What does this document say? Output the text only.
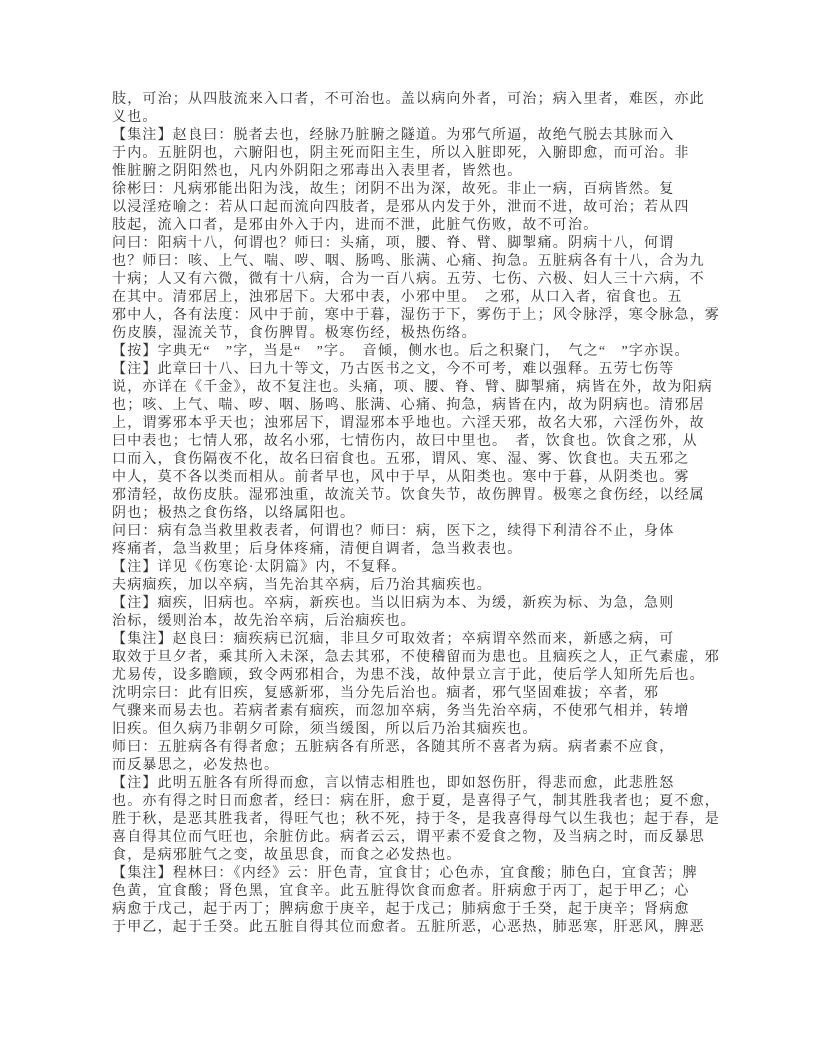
肢，可治；从四肢流来入口者，不可治也。盖以病向外者，可治；病入里者，难医，亦此
义也。
【集注】赵良曰：脱者去也，经脉乃脏腑之隧道。为邪气所逼，故绝气脱去其脉而入
于内。五脏阴也，六腑阳也，阴主死而阳主生，所以入脏即死，入腑即愈，而可治。非
惟脏腑之阴阳然也，凡内外阴阳之邪毒出入表里者，皆然也。
徐彬曰：凡病邪能出阳为浅，故生；闭阴不出为深，故死。非止一病，百病皆然。复
以浸淫疮喻之：若从口起而流向四肢者，是邪从内发于外，泄而不进，故可治；若从四
肢起，流入口者，是邪由外入于内，进而不泄，此脏气伤败，故不可治。
问曰：阳病十八，何谓也？师曰：头痛，项，腰、脊、臂、脚掣痛。阴病十八，何谓
也？师曰：咳、上气、喘、哕、咽、肠鸣、胀满、心痛、拘急。五脏病各有十八，合为九
十病；人又有六微，微有十八病，合为一百八病。五劳、七伤、六极、妇人三十六病，不
在其中。清邪居上，浊邪居下。大邪中表，小邪中里。　之邪，从口入者，宿食也。五
邪中人，各有法度：风中于前，寒中于暮，湿伤于下，雾伤于上；风令脉浮，寒令脉急，雾
伤皮腠，湿流关节，食伤脾胃。极寒伤经，极热伤络。
【按】字典无“　”字，当是“　”字。　音倾，侧水也。后之积聚门，　气之“　”字亦误。
【注】此章曰十八、曰九十等文，乃古医书之文，今不可考，难以强释。五劳七伤等
说，亦详在《千金》，故不复注也。头痛，项、腰、脊、臂、脚掣痛，病皆在外，故为阳病
也；咳、上气、喘、哕、咽、肠鸣、胀满、心痛、拘急，病皆在内，故为阴病也。清邪居
上，谓雾邪本乎天也；浊邪居下，谓湿邪本乎地也。六淫天邪，故名大邪，六淫伤外，故
曰中表也；七情人邪，故名小邪，七情伤内，故曰中里也。　者，饮食也。饮食之邪，从
口而入，食伤隔夜不化，故名曰宿食也。五邪，谓风、寒、湿、雾、饮食也。夫五邪之
中人，莫不各以类而相从。前者早也，风中于早，从阳类也。寒中于暮，从阴类也。雾
邪清轻，故伤皮肤。湿邪浊重，故流关节。饮食失节，故伤脾胃。极寒之食伤经，以经属
阴也；极热之食伤络，以络属阳也。
问曰：病有急当救里救表者，何谓也？师曰：病，医下之，续得下利清谷不止，身体
疼痛者，急当救里；后身体疼痛，清便自调者，急当救表也。
【注】详见《伤寒论·太阴篇》内，不复释。
夫病痼疾，加以卒病，当先治其卒病，后乃治其痼疾也。
【注】痼疾，旧病也。卒病，新疾也。当以旧病为本、为缓，新疾为标、为急，急则
治标，缓则治本，故先治卒病，后治痼疾也。
【集注】赵良曰：痼疾病已沉痼，非旦夕可取效者；卒病谓卒然而来，新感之病，可
取效于旦夕者，乘其所入未深，急去其邪，不使稽留而为患也。且痼疾之人，正气素虚，邪
尤易传，设多瞻顾，致令两邪相合，为患不浅，故仲景立言于此，使后学人知所先后也。
沈明宗曰：此有旧疾，复感新邪，当分先后治也。痼者，邪气坚固难拔；卒者，邪
气骤来而易去也。若病者素有痼疾，而忽加卒病，务当先治卒病，不使邪气相并，转增
旧疾。但久病乃非朝夕可除，须当缓图，所以后乃治其痼疾也。
师曰：五脏病各有得者愈；五脏病各有所恶，各随其所不喜者为病。病者素不应食，
而反暴思之，必发热也。
【注】此明五脏各有所得而愈，言以情志相胜也，即如怒伤肝，得悲而愈，此悲胜怒
也。亦有得之时日而愈者，经曰：病在肝，愈于夏，是喜得子气，制其胜我者也；夏不愈，
胜于秋，是恶其胜我者，得旺气也；秋不死，持于冬，是我喜得母气以生我也；起于春，是
喜自得其位而气旺也，余脏仿此。病者云云，谓平素不爱食之物，及当病之时，而反暴思
食，是病邪脏气之变，故虽思食，而食之必发热也。
【集注】程林曰：《内经》云：肝色青，宜食甘；心色赤，宜食酸；肺色白，宜食苦；脾
色黄，宜食酸；肾色黑，宜食辛。此五脏得饮食而愈者。肝病愈于丙丁，起于甲乙；心
病愈于戊己，起于丙丁；脾病愈于庚辛，起于戊己；肺病愈于壬癸，起于庚辛；肾病愈
于甲乙，起于壬癸。此五脏自得其位而愈者。五脏所恶，心恶热，肺恶寒，肝恶风，脾恶
